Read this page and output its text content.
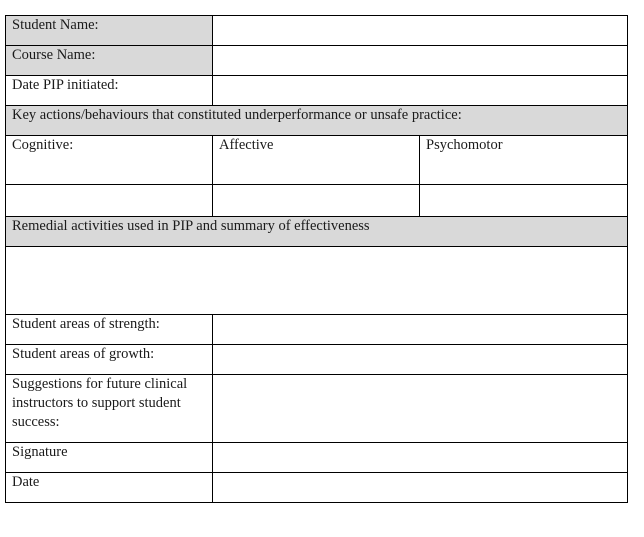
Student Name:		
Course Name:		
Date PIP initiated:		
Key actions/behaviours that constituted underperformance or unsafe practice:		
Cognitive:	Affective	Psychomotor

Remedial activities used in PIP and summary of effectiveness		

Student areas of strength:		
Student areas of growth:		
Suggestions for future clinical instructors to support student success:		
Signature		
Date		
